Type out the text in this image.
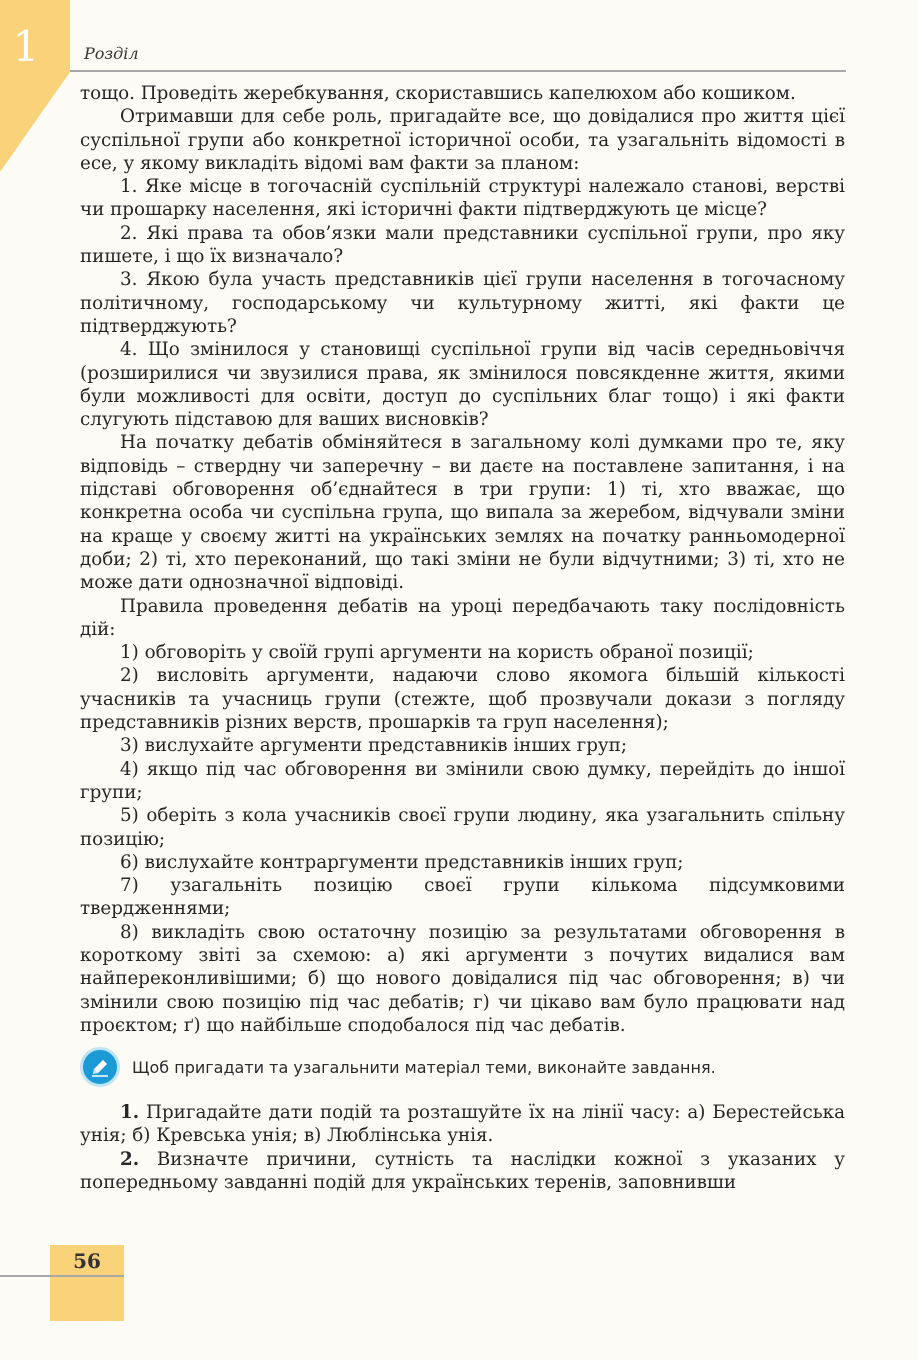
1	Розділ

тощо. Проведіть жеребкування, скориставшись капелюхом або кошиком.

Отримавши для себе роль, пригадайте все, що довідалися про життя цієї суспільної групи або конкретної історичної особи, та узагальніть відомості в есе, у якому викладіть відомі вам факти за планом:

1. Яке місце в тогочасній суспільній структурі належало станові, верстві чи прошарку населення, які історичні факти підтверджують це місце?

2. Які права та обов’язки мали представники суспільної групи, про яку пишете, і що їх визначало?

3. Якою була участь представників цієї групи населення в тогочасному політичному, господарському чи культурному житті, які факти це підтверджують?

4. Що змінилося у становищі суспільної групи від часів середньовіччя (розширилися чи звузилися права, як змінилося повсякденне життя, якими були можливості для освіти, доступ до суспільних благ тощо) і які факти слугують підставою для ваших висновків?

На початку дебатів обміняйтеся в загальному колі думками про те, яку відповідь – ствердну чи заперечну – ви даєте на поставлене запитання, і на підставі обговорення об’єднайтеся в три групи: 1) ті, хто вважає, що конкретна особа чи суспільна група, що випала за жеребом, відчували зміни на краще у своєму житті на українських землях на початку ранньомодерної доби; 2) ті, хто переконаний, що такі зміни не були відчутними; 3) ті, хто не може дати однозначної відповіді.

Правила проведення дебатів на уроці передбачають таку послідовність дій:

1) обговоріть у своїй групі аргументи на користь обраної позиції;

2) висловіть аргументи, надаючи слово якомога більшій кількості учасників та учасниць групи (стежте, щоб прозвучали докази з погляду представників різних верств, прошарків та груп населення);

3) вислухайте аргументи представників інших груп;

4) якщо під час обговорення ви змінили свою думку, перейдіть до іншої групи;

5) оберіть з кола учасників своєї групи людину, яка узагальнить спільну позицію;

6) вислухайте контраргументи представників інших груп;

7) узагальніть позицію своєї групи кількома підсумковими твердженнями;

8) викладіть свою остаточну позицію за результатами обговорення в короткому звіті за схемою: а) які аргументи з почутих видалися вам найпереконливішими; б) що нового довідалися під час обговорення; в) чи змінили свою позицію під час дебатів; г) чи цікаво вам було працювати над проєктом; ґ) що найбільше сподобалося під час дебатів.

Щоб пригадати та узагальнити матеріал теми, виконайте завдання.

1. Пригадайте дати подій та розташуйте їх на лінії часу: а) Берестейська унія; б) Кревська унія; в) Люблінська унія.

2. Визначте причини, сутність та наслідки кожної з указаних у попередньому завданні подій для українських теренів, заповнивши

56
